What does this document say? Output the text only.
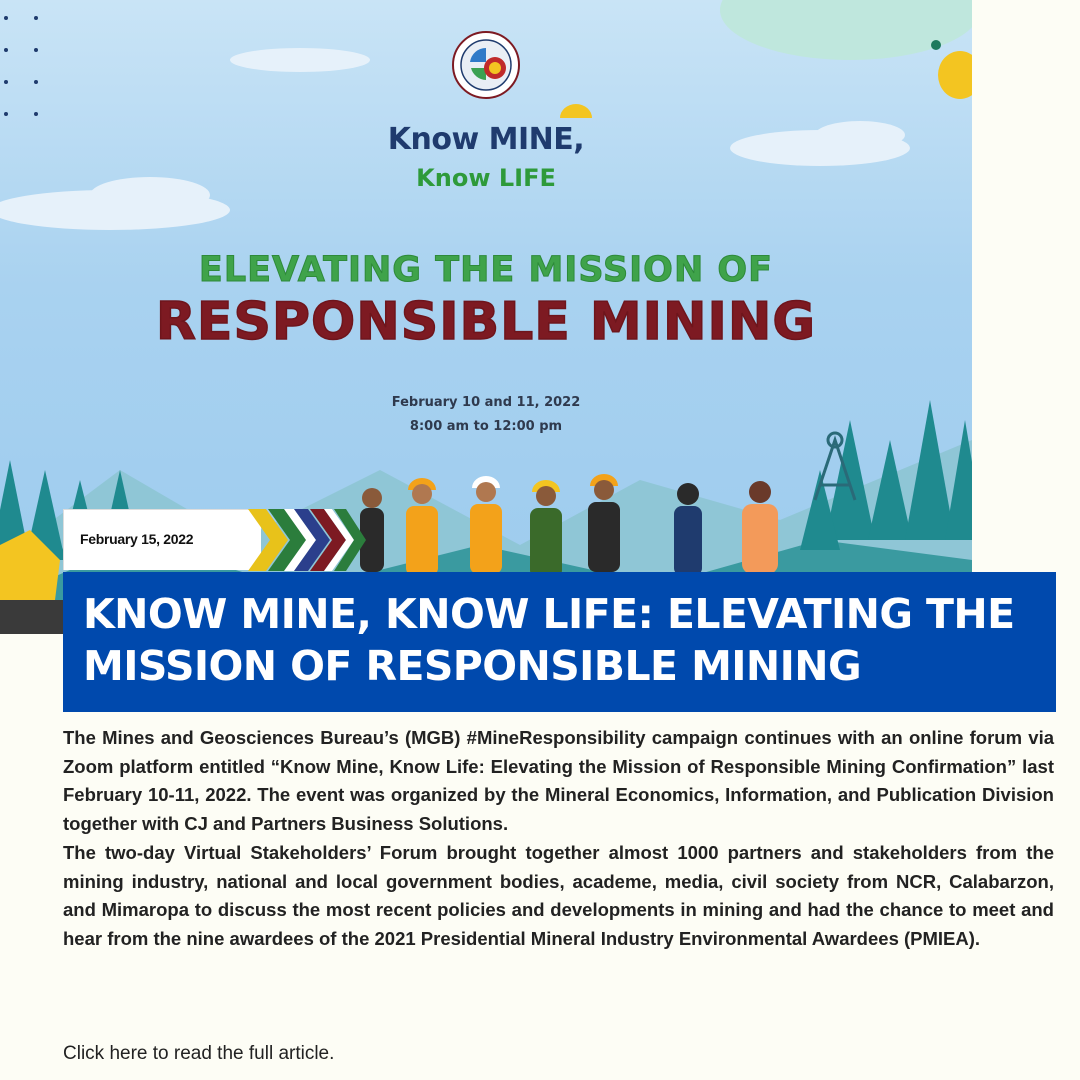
Know MINE,

Know LIFE

ELEVATING THE MISSION OF

RESPONSIBLE MINING

February 10 and 11, 2022

8:00 am to 12:00 pm

February 15, 2022
KNOW MINE, KNOW LIFE: ELEVATING THE MISSION OF RESPONSIBLE MINING

The Mines and Geosciences Bureau’s (MGB) #MineResponsibility campaign continues with an online forum via Zoom platform entitled “Know Mine, Know Life: Elevating the Mission of Responsible Mining Confirmation” last February 10-11, 2022. The event was organized by the Mineral Economics, Information, and Publication Division together with CJ and Partners Business Solutions.

The two-day Virtual Stakeholders’ Forum brought together almost 1000 partners and stakeholders from the mining industry, national and local government bodies, academe, media, civil society from NCR, Calabarzon, and Mimaropa to discuss the most recent policies and developments in mining and had the chance to meet and hear from the nine awardees of the 2021 Presidential Mineral Industry Environmental Awardees (PMIEA).

Click here to read the full article.
